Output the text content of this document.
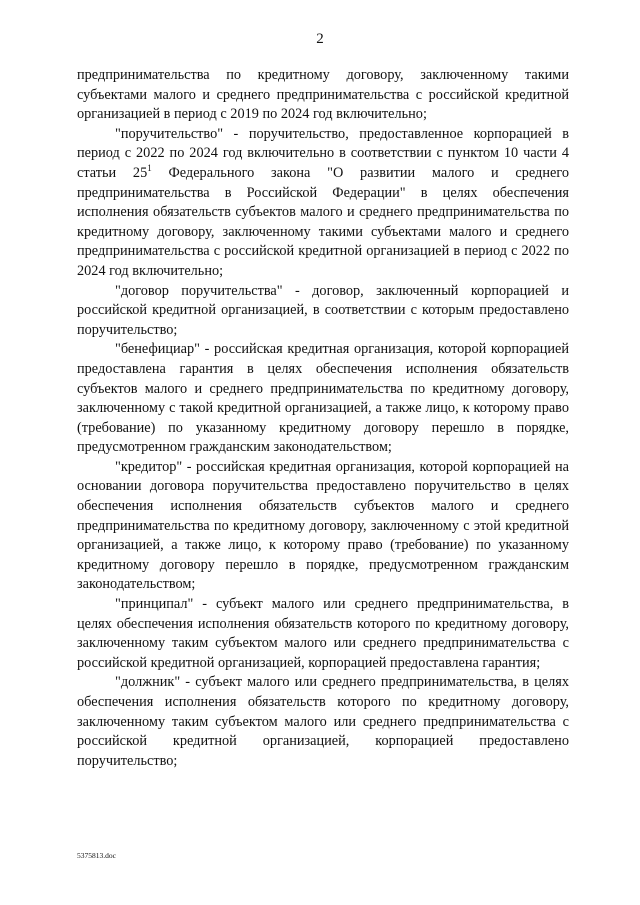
2

предпринимательства по кредитному договору, заключенному такими субъектами малого и среднего предпринимательства с российской кредитной организацией в период с 2019 по 2024 год включительно;

"поручительство" - поручительство, предоставленное корпорацией в период с 2022 по 2024 год включительно в соответствии с пунктом 10 части 4 статьи 25$^1$ Федерального закона "О развитии малого и среднего предпринимательства в Российской Федерации" в целях обеспечения исполнения обязательств субъектов малого и среднего предпринимательства по кредитному договору, заключенному такими субъектами малого и среднего предпринимательства с российской кредитной организацией в период с 2022 по 2024 год включительно;

"договор поручительства" - договор, заключенный корпорацией и российской кредитной организацией, в соответствии с которым предоставлено поручительство;

"бенефициар" - российская кредитная организация, которой корпорацией предоставлена гарантия в целях обеспечения исполнения обязательств субъектов малого и среднего предпринимательства по кредитному договору, заключенному с такой кредитной организацией, а также лицо, к которому право (требование) по указанному кредитному договору перешло в порядке, предусмотренном гражданским законодательством;

"кредитор" - российская кредитная организация, которой корпорацией на основании договора поручительства предоставлено поручительство в целях обеспечения исполнения обязательств субъектов малого и среднего предпринимательства по кредитному договору, заключенному с этой кредитной организацией, а также лицо, к которому право (требование) по указанному кредитному договору перешло в порядке, предусмотренном гражданским законодательством;

"принципал" - субъект малого или среднего предпринимательства, в целях обеспечения исполнения обязательств которого по кредитному договору, заключенному таким субъектом малого или среднего предпринимательства с российской кредитной организацией, корпорацией предоставлена гарантия;

"должник" - субъект малого или среднего предпринимательства, в целях обеспечения исполнения обязательств которого по кредитному договору, заключенному таким субъектом малого или среднего предпринимательства с российской кредитной организацией, корпорацией предоставлено поручительство;

5375813.doc
